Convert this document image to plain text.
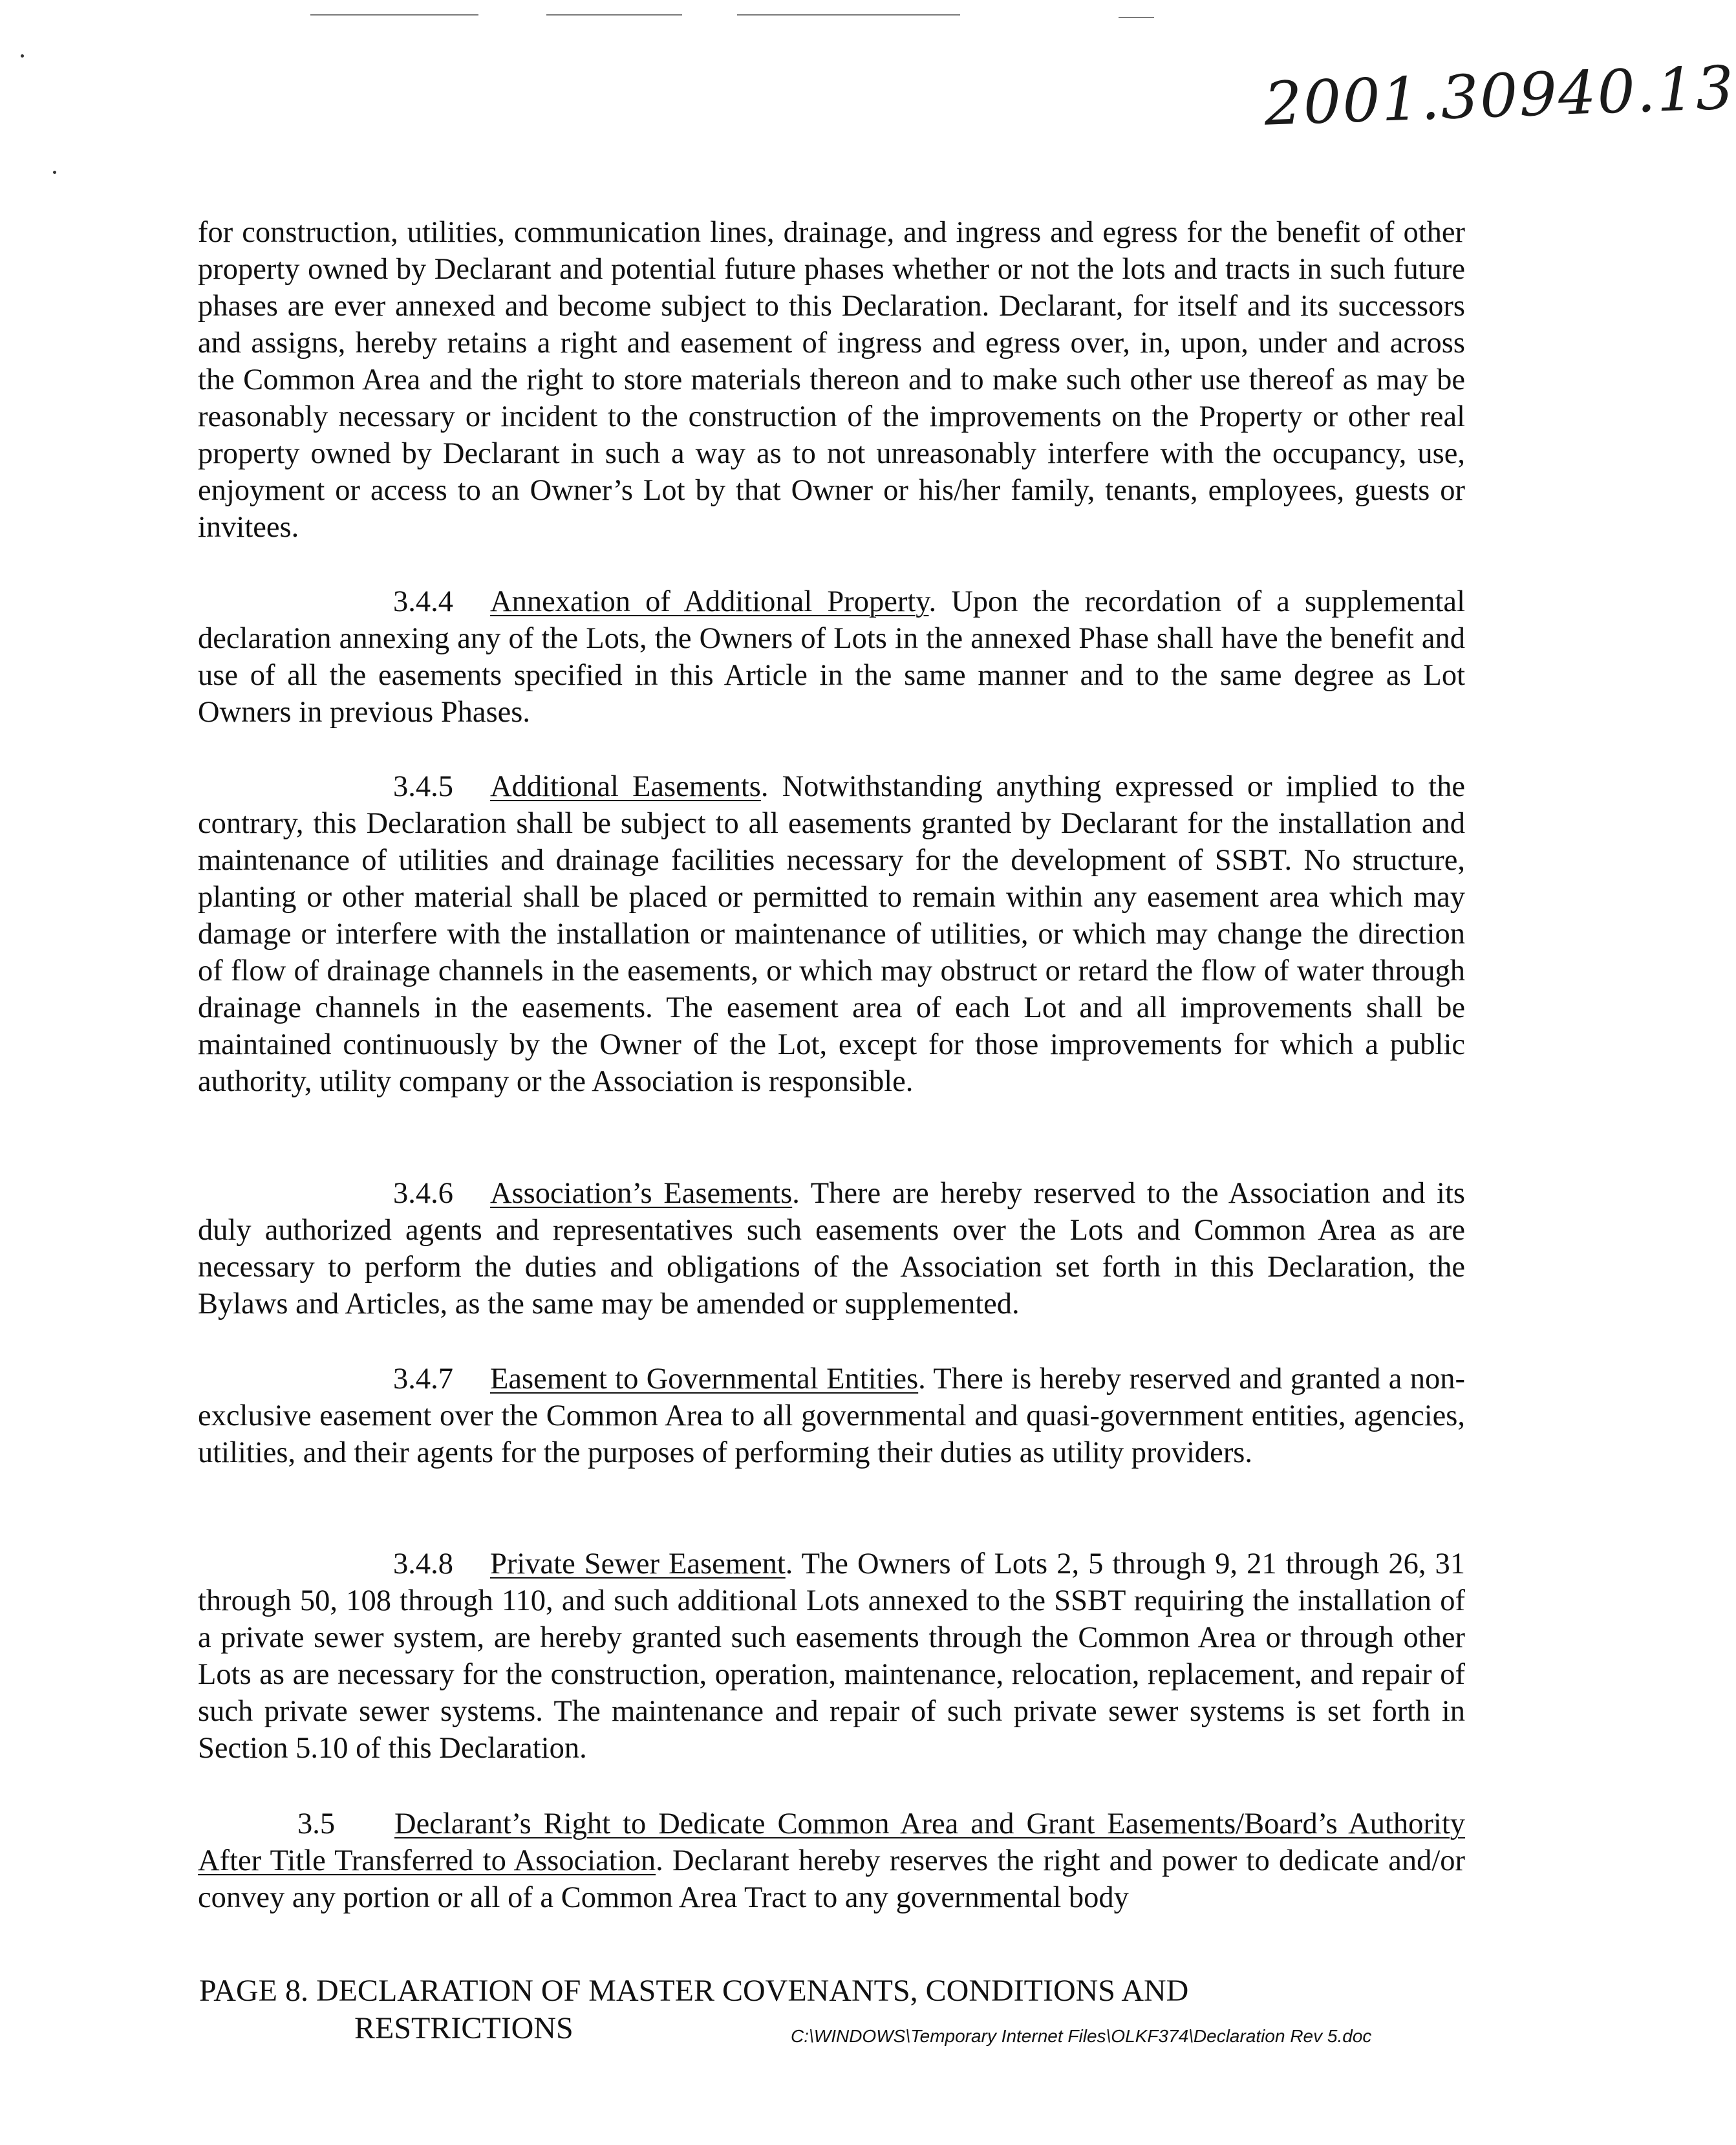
2001.30940.13

for construction, utilities, communication lines, drainage, and ingress and egress for the benefit of other property owned by Declarant and potential future phases whether or not the lots and tracts in such future phases are ever annexed and become subject to this Declaration. Declarant, for itself and its successors and assigns, hereby retains a right and easement of ingress and egress over, in, upon, under and across the Common Area and the right to store materials thereon and to make such other use thereof as may be reasonably necessary or incident to the construction of the improvements on the Property or other real property owned by Declarant in such a way as to not unreasonably interfere with the occupancy, use, enjoyment or access to an Owner’s Lot by that Owner or his/her family, tenants, employees, guests or invitees.

3.4.4 Annexation of Additional Property. Upon the recordation of a supplemental declaration annexing any of the Lots, the Owners of Lots in the annexed Phase shall have the benefit and use of all the easements specified in this Article in the same manner and to the same degree as Lot Owners in previous Phases.

3.4.5 Additional Easements. Notwithstanding anything expressed or implied to the contrary, this Declaration shall be subject to all easements granted by Declarant for the installation and maintenance of utilities and drainage facilities necessary for the development of SSBT. No structure, planting or other material shall be placed or permitted to remain within any easement area which may damage or interfere with the installation or maintenance of utilities, or which may change the direction of flow of drainage channels in the easements, or which may obstruct or retard the flow of water through drainage channels in the easements. The easement area of each Lot and all improvements shall be maintained continuously by the Owner of the Lot, except for those improvements for which a public authority, utility company or the Association is responsible.

3.4.6 Association’s Easements. There are hereby reserved to the Association and its duly authorized agents and representatives such easements over the Lots and Common Area as are necessary to perform the duties and obligations of the Association set forth in this Declaration, the Bylaws and Articles, as the same may be amended or supplemented.

3.4.7 Easement to Governmental Entities. There is hereby reserved and granted a non-exclusive easement over the Common Area to all governmental and quasi-government entities, agencies, utilities, and their agents for the purposes of performing their duties as utility providers.

3.4.8 Private Sewer Easement. The Owners of Lots 2, 5 through 9, 21 through 26, 31 through 50, 108 through 110, and such additional Lots annexed to the SSBT requiring the installation of a private sewer system, are hereby granted such easements through the Common Area or through other Lots as are necessary for the construction, operation, maintenance, relocation, replacement, and repair of such private sewer systems. The maintenance and repair of such private sewer systems is set forth in Section 5.10 of this Declaration.

3.5 Declarant’s Right to Dedicate Common Area and Grant Easements/Board’s Authority After Title Transferred to Association. Declarant hereby reserves the right and power to dedicate and/or convey any portion or all of a Common Area Tract to any governmental body

PAGE 8. DECLARATION OF MASTER COVENANTS, CONDITIONS AND
RESTRICTIONS	C:\WINDOWS\Temporary Internet Files\OLKF374\Declaration Rev 5.doc
